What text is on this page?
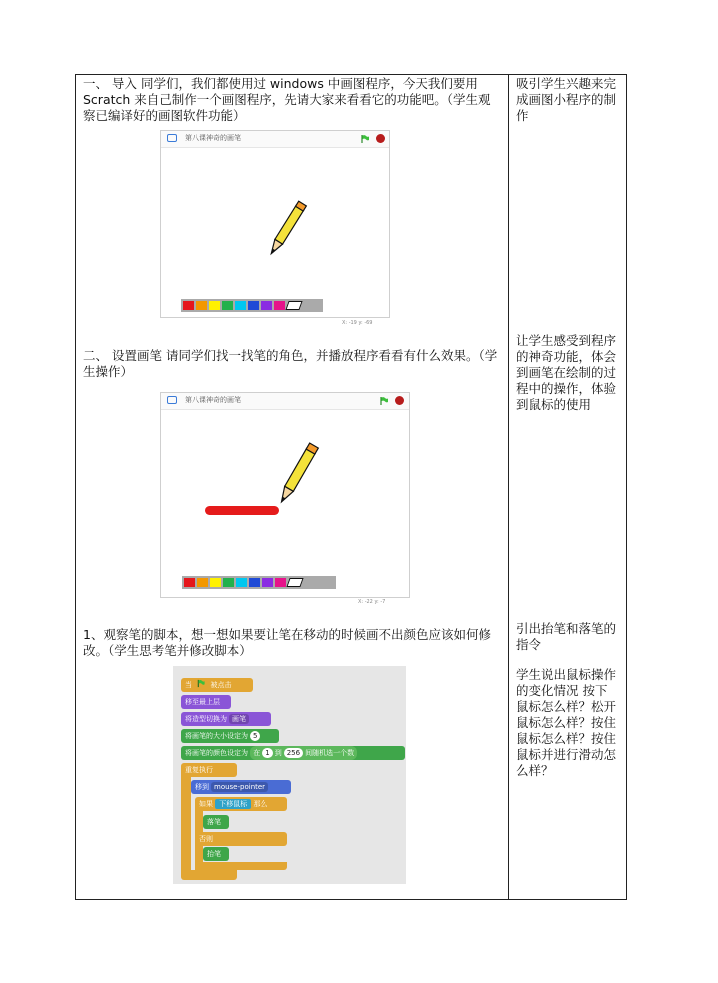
一、 导入 同学们，我们都使用过 windows 中画图程序，今天我们要用 Scratch 来自己制作一个画图程序，先请大家来看看它的功能吧。（学生观察已编译好的画图软件功能）
吸引学生兴趣来完成画图小程序的制作
二、 设置画笔 请同学们找一找笔的角色，并播放程序看看有什么效果。（学生操作）
让学生感受到程序的神奇功能，体会到画笔在绘制的过程中的操作，体验到鼠标的使用
1、观察笔的脚本，想一想如果要让笔在移动的时候画不出颜色应该如何修改。（学生思考笔并修改脚本）
引出抬笔和落笔的指令
学生说出鼠标操作的变化情况 按下鼠标怎么样？松开鼠标怎么样？按住鼠标怎么样？按住鼠标并进行滑动怎么样？
第八课神奇的画笔
X: -19 y: -69
第八课神奇的画笔
X: -22 y: -7
当	被点击
移至最上层
将造型切换为 画笔
将画笔的大小设定为 5
将画笔的颜色设定为 在 1 到 256 间随机选一个数
重复执行
移到 mouse-pointer
如果 下移鼠标 那么
落笔
否则
抬笔
